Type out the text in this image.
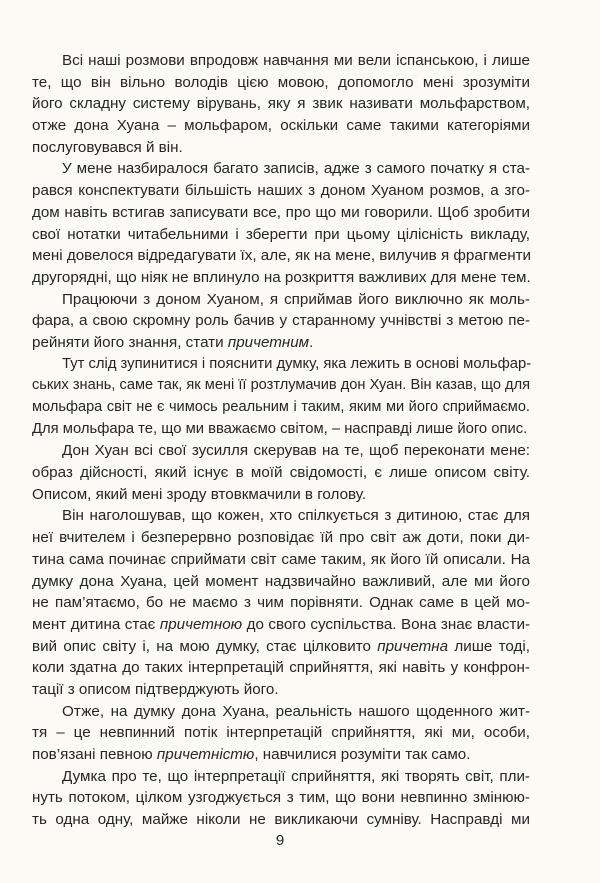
Всі наші розмови впродовж навчання ми вели іспанською, і лише
те, що він вільно володів цією мовою, допомогло мені зрозуміти
його складну систему вірувань, яку я звик називати мольфарством,
отже дона Хуана – мольфаром, оскільки саме такими категоріями
послуговувався й він.
У мене назбиралося багато записів, адже з самого початку я ста-
рався конспектувати більшість наших з доном Хуаном розмов, а зго-
дом навіть встигав записувати все, про що ми говорили. Щоб зробити
свої нотатки читабельними і зберегти при цьому цілісність викладу,
мені довелося відредагувати їх, але, як на мене, вилучив я фрагменти
другорядні, що ніяк не вплинуло на розкриття важливих для мене тем.
Працюючи з доном Хуаном, я сприймав його виключно як моль-
фара, а свою скромну роль бачив у старанному учнівстві з метою пе-
рейняти його знання, стати причетним.
Тут слід зупинитися і пояснити думку, яка лежить в основі мольфар-
ських знань, саме так, як мені її розтлумачив дон Хуан. Він казав, що для
мольфара світ не є чимось реальним і таким, яким ми його сприймаємо.
Для мольфара те, що ми вважаємо світом, – насправді лише його опис.
Дон Хуан всі свої зусилля скерував на те, щоб переконати мене:
образ дійсності, який існує в моїй свідомості, є лише описом світу.
Описом, який мені зроду втовкмачили в голову.
Він наголошував, що кожен, хто спілкується з дитиною, стає для
неї вчителем і безперервно розповідає їй про світ аж доти, поки ди-
тина сама починає сприймати світ саме таким, як його їй описали. На
думку дона Хуана, цей момент надзвичайно важливий, але ми його
не пам’ятаємо, бо не маємо з чим порівняти. Однак саме в цей мо-
мент дитина стає причетною до свого суспільства. Вона знає власти-
вий опис світу і, на мою думку, стає цілковито причетна лише тоді,
коли здатна до таких інтерпретацій сприйняття, які навіть у конфрон-
тації з описом підтверджують його.
Отже, на думку дона Хуана, реальність нашого щоденного жит-
тя – це невпинний потік інтерпретацій сприйняття, які ми, особи,
пов’язані певною причетністю, навчилися розуміти так само.
Думка про те, що інтерпретації сприйняття, які творять світ, пли-
нуть потоком, цілком узгоджується з тим, що вони невпинно змінюю-
ть одна одну, майже ніколи не викликаючи сумніву. Насправді ми
9
